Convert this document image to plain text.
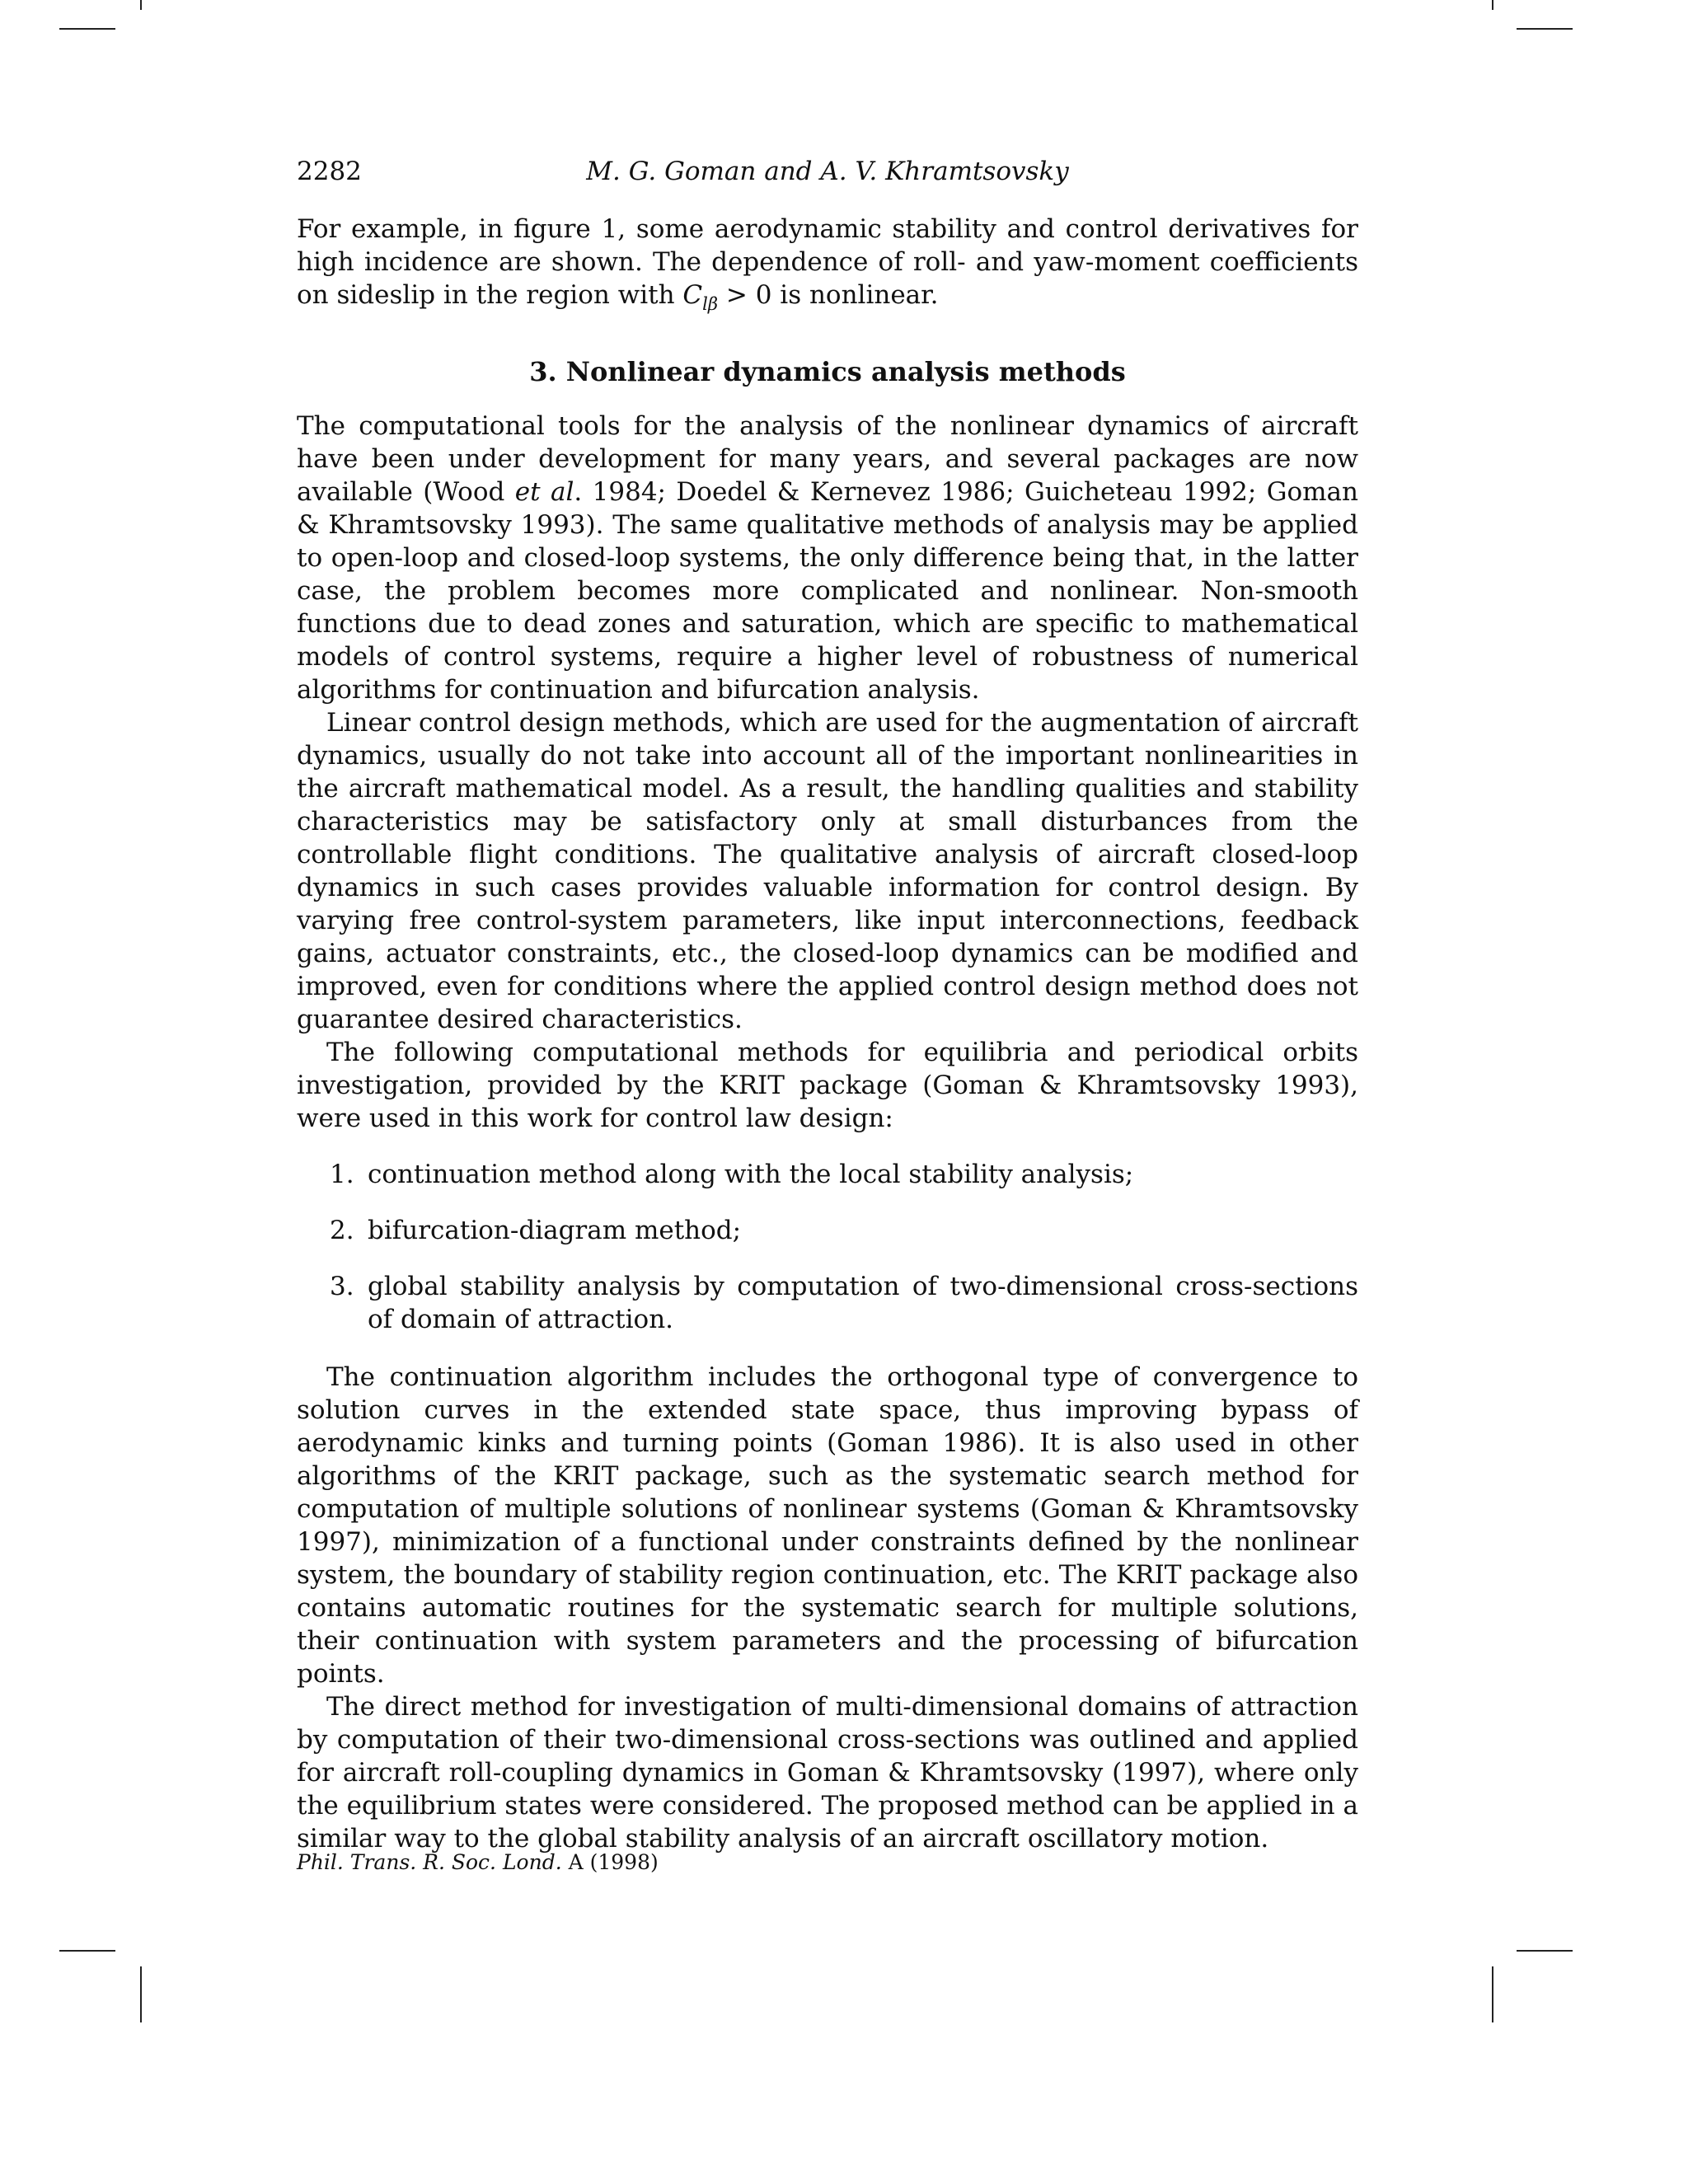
2282	M. G. Goman and A. V. Khramtsovsky

For example, in figure 1, some aerodynamic stability and control derivatives for high incidence are shown. The dependence of roll- and yaw-moment coefficients on sideslip in the region with $C_{l\beta} > 0$ is nonlinear.

3. Nonlinear dynamics analysis methods

The computational tools for the analysis of the nonlinear dynamics of aircraft have been under development for many years, and several packages are now available (Wood et al. 1984; Doedel & Kernevez 1986; Guicheteau 1992; Goman & Khramtsovsky 1993). The same qualitative methods of analysis may be applied to open-loop and closed-loop systems, the only difference being that, in the latter case, the problem becomes more complicated and nonlinear. Non-smooth functions due to dead zones and saturation, which are specific to mathematical models of control systems, require a higher level of robustness of numerical algorithms for continuation and bifurcation analysis.

Linear control design methods, which are used for the augmentation of aircraft dynamics, usually do not take into account all of the important nonlinearities in the aircraft mathematical model. As a result, the handling qualities and stability characteristics may be satisfactory only at small disturbances from the controllable flight conditions. The qualitative analysis of aircraft closed-loop dynamics in such cases provides valuable information for control design. By varying free control-system parameters, like input interconnections, feedback gains, actuator constraints, etc., the closed-loop dynamics can be modified and improved, even for conditions where the applied control design method does not guarantee desired characteristics.

The following computational methods for equilibria and periodical orbits investigation, provided by the KRIT package (Goman & Khramtsovsky 1993), were used in this work for control law design:

1. continuation method along with the local stability analysis;
2. bifurcation-diagram method;
3. global stability analysis by computation of two-dimensional cross-sections of domain of attraction.

The continuation algorithm includes the orthogonal type of convergence to solution curves in the extended state space, thus improving bypass of aerodynamic kinks and turning points (Goman 1986). It is also used in other algorithms of the KRIT package, such as the systematic search method for computation of multiple solutions of nonlinear systems (Goman & Khramtsovsky 1997), minimization of a functional under constraints defined by the nonlinear system, the boundary of stability region continuation, etc. The KRIT package also contains automatic routines for the systematic search for multiple solutions, their continuation with system parameters and the processing of bifurcation points.

The direct method for investigation of multi-dimensional domains of attraction by computation of their two-dimensional cross-sections was outlined and applied for aircraft roll-coupling dynamics in Goman & Khramtsovsky (1997), where only the equilibrium states were considered. The proposed method can be applied in a similar way to the global stability analysis of an aircraft oscillatory motion.

Phil. Trans. R. Soc. Lond. A (1998)
